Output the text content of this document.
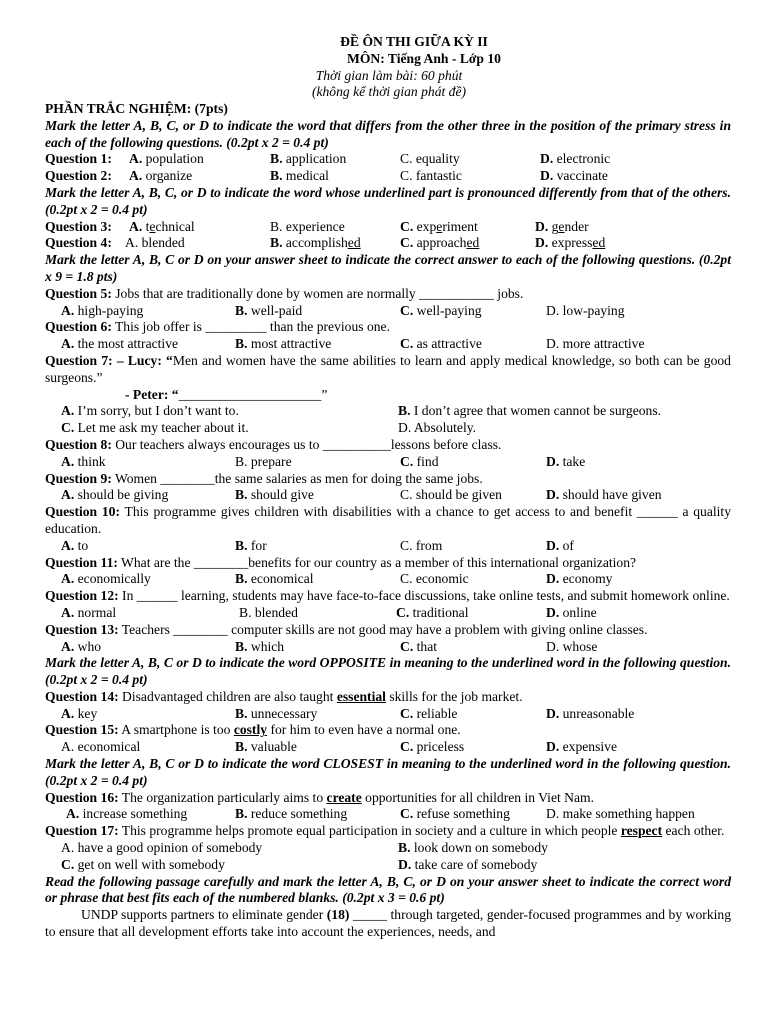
ĐỀ ÔN THI GIỮA KỲ II
MÔN: Tiếng Anh - Lớp 10
Thời gian làm bài: 60 phút
(không kể thời gian phát đề)
PHẦN TRẮC NGHIỆM: (7pts)
Mark the letter A, B, C, or D to indicate the word that differs from the other three in the position of the primary stress in each of the following questions. (0.2pt x 2 = 0.4 pt)
Question 1: A. population	B. application	C. equality	D. electronic
Question 2: A. organize	B. medical	C. fantastic	D. vaccinate
Mark the letter A, B, C, or D to indicate the word whose underlined part is pronounced differently from that of the others. (0.2pt x 2 = 0.4 pt)
Question 3: A. technical	B. experience	C. experiment	D. gender
Question 4: A. blended	B. accomplished	C. approached	D. expressed
Mark the letter A, B, C or D on your answer sheet to indicate the correct answer to each of the following questions. (0.2pt x 9 = 1.8 pts)
Question 5: Jobs that are traditionally done by women are normally ___________ jobs.
A. high-paying	B. well-paid	C. well-paying	D. low-paying
Question 6: This job offer is _________ than the previous one.
A. the most attractive	B. most attractive	C. as attractive	D. more attractive
Question 7: – Lucy: “Men and women have the same abilities to learn and apply medical knowledge, so both can be good surgeons.”
- Peter: “_____________________”
A. I’m sorry, but I don’t want to.	B. I don’t agree that women cannot be surgeons.
C. Let me ask my teacher about it.	D. Absolutely.
Question 8: Our teachers always encourages us to __________lessons before class.
A. think	B. prepare	C. find	D. take
Question 9: Women ________the same salaries as men for doing the same jobs.
A. should be giving	B. should give	C. should be given	D. should have given
Question 10: This programme gives children with disabilities with a chance to get access to and benefit ______ a quality education.
A. to	B. for	C. from	D. of
Question 11: What are the ________benefits for our country as a member of this international organization?
A. economically	B. economical	C. economic	D. economy
Question 12: In ______ learning, students may have face-to-face discussions, take online tests, and submit homework online.
A. normal	B. blended	C. traditional	D. online
Question 13: Teachers ________ computer skills are not good may have a problem with giving online classes.
A. who	B. which	C. that	D. whose
Mark the letter A, B, C or D to indicate the word OPPOSITE in meaning to the underlined word in the following question. (0.2pt x 2 = 0.4 pt)
Question 14: Disadvantaged children are also taught essential skills for the job market.
A. key	B. unnecessary	C. reliable	D. unreasonable
Question 15: A smartphone is too costly for him to even have a normal one.
A. economical	B. valuable	C. priceless	D. expensive
Mark the letter A, B, C or D to indicate the word CLOSEST in meaning to the underlined word in the following question. (0.2pt x 2 = 0.4 pt)
Question 16: The organization particularly aims to create opportunities for all children in Viet Nam.
A. increase something	B. reduce something	C. refuse something	D. make something happen
Question 17: This programme helps promote equal participation in society and a culture in which people respect each other.
A. have a good opinion of somebody	B. look down on somebody
C. get on well with somebody	D. take care of somebody
Read the following passage carefully and mark the letter A, B, C, or D on your answer sheet to indicate the correct word or phrase that best fits each of the numbered blanks. (0.2pt x 3 = 0.6 pt)
UNDP supports partners to eliminate gender (18) _____ through targeted, gender-focused programmes and by working to ensure that all development efforts take into account the experiences, needs, and
